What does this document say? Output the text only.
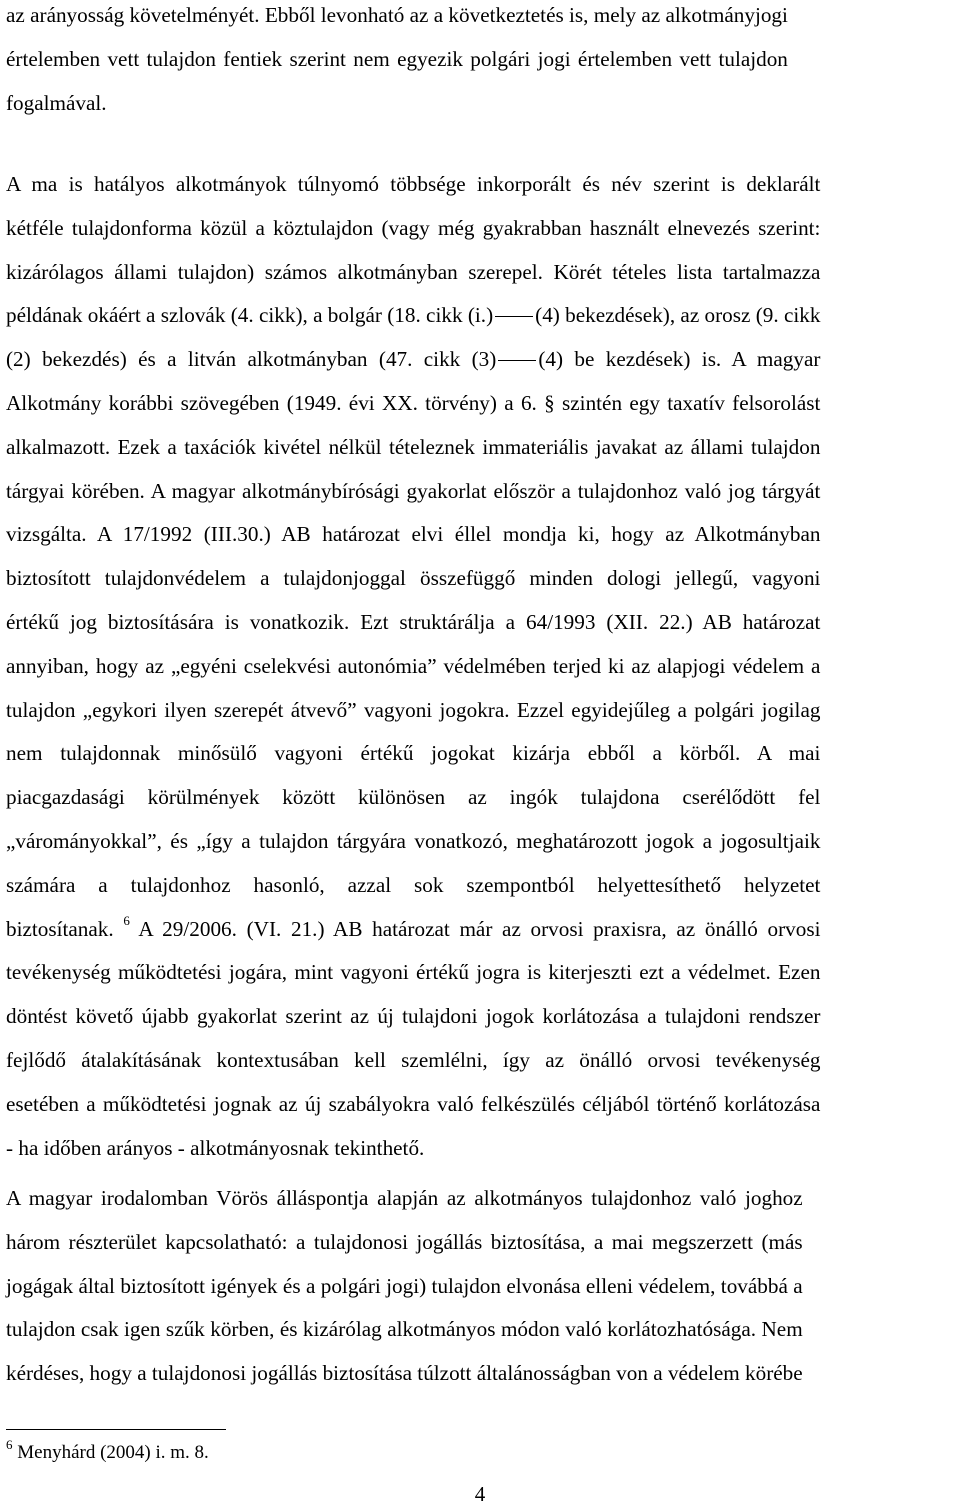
az arányosság követelményét. Ebből levonható az a következtetés is, mely az alkotmányjogi
értelemben vett tulajdon fentiek szerint nem egyezik polgári jogi értelemben vett tulajdon
fogalmával.
A ma is hatályos alkotmányok túlnyomó többsége inkorporált és név szerint is deklarált
kétféle tulajdonforma közül a köztulajdon (vagy még gyakrabban használt elnevezés szerint:
kizárólagos állami tulajdon) számos alkotmányban szerepel. Körét tételes lista tartalmazza
példának okáért a szlovák (4. cikk), a bolgár (18. cikk (i.) (4) bekezdések), az orosz (9. cikk
(2) bekezdés) és a litván alkotmányban (47. cikk (3) (4) be kezdések) is. A magyar
Alkotmány korábbi szövegében (1949. évi XX. törvény) a 6. § szintén egy taxatív felsorolást
alkalmazott. Ezek a taxációk kivétel nélkül tételeznek immateriális javakat az állami tulajdon
tárgyai körében. A magyar alkotmánybírósági gyakorlat először a tulajdonhoz való jog tárgyát
vizsgálta. A 17/1992 (III.30.) AB határozat elvi éllel mondja ki, hogy az Alkotmányban
biztosított tulajdonvédelem a tulajdonjoggal összefüggő minden dologi jellegű, vagyoni
értékű jog biztosítására is vonatkozik. Ezt struktárálja a 64/1993 (XII. 22.) AB határozat
annyiban, hogy az „egyéni cselekvési autonómia” védelmében terjed ki az alapjogi védelem a
tulajdon „egykori ilyen szerepét átvevő” vagyoni jogokra. Ezzel egyidejűleg a polgári jogilag
nem tulajdonnak minősülő vagyoni értékű jogokat kizárja ebből a körből. A mai
piacgazdasági körülmények között különösen az ingók tulajdona cserélődött fel
„várományokkal”, és „így a tulajdon tárgyára vonatkozó, meghatározott jogok a jogosultjaik
számára a tulajdonhoz hasonló, azzal sok szempontból helyettesíthető helyzetet
biztosítanak. $^6$ A 29/2006. (VI. 21.) AB határozat már az orvosi praxisra, az önálló orvosi
tevékenység működtetési jogára, mint vagyoni értékű jogra is kiterjeszti ezt a védelmet. Ezen
döntést követő újabb gyakorlat szerint az új tulajdoni jogok korlátozása a tulajdoni rendszer
fejlődő átalakításának kontextusában kell szemlélni, így az önálló orvosi tevékenység
esetében a működtetési jognak az új szabályokra való felkészülés céljából történő korlátozása
- ha időben arányos - alkotmányosnak tekinthető.
A magyar irodalomban Vörös álláspontja alapján az alkotmányos tulajdonhoz való joghoz
három részterület kapcsolatható: a tulajdonosi jogállás biztosítása, a mai megszerzett (más
jogágak által biztosított igények és a polgári jogi) tulajdon elvonása elleni védelem, továbbá a
tulajdon csak igen szűk körben, és kizárólag alkotmányos módon való korlátozhatósága. Nem
kérdéses, hogy a tulajdonosi jogállás biztosítása túlzott általánosságban von a védelem körébe
$^6$ Menyhárd (2004) i. m. 8.
4
